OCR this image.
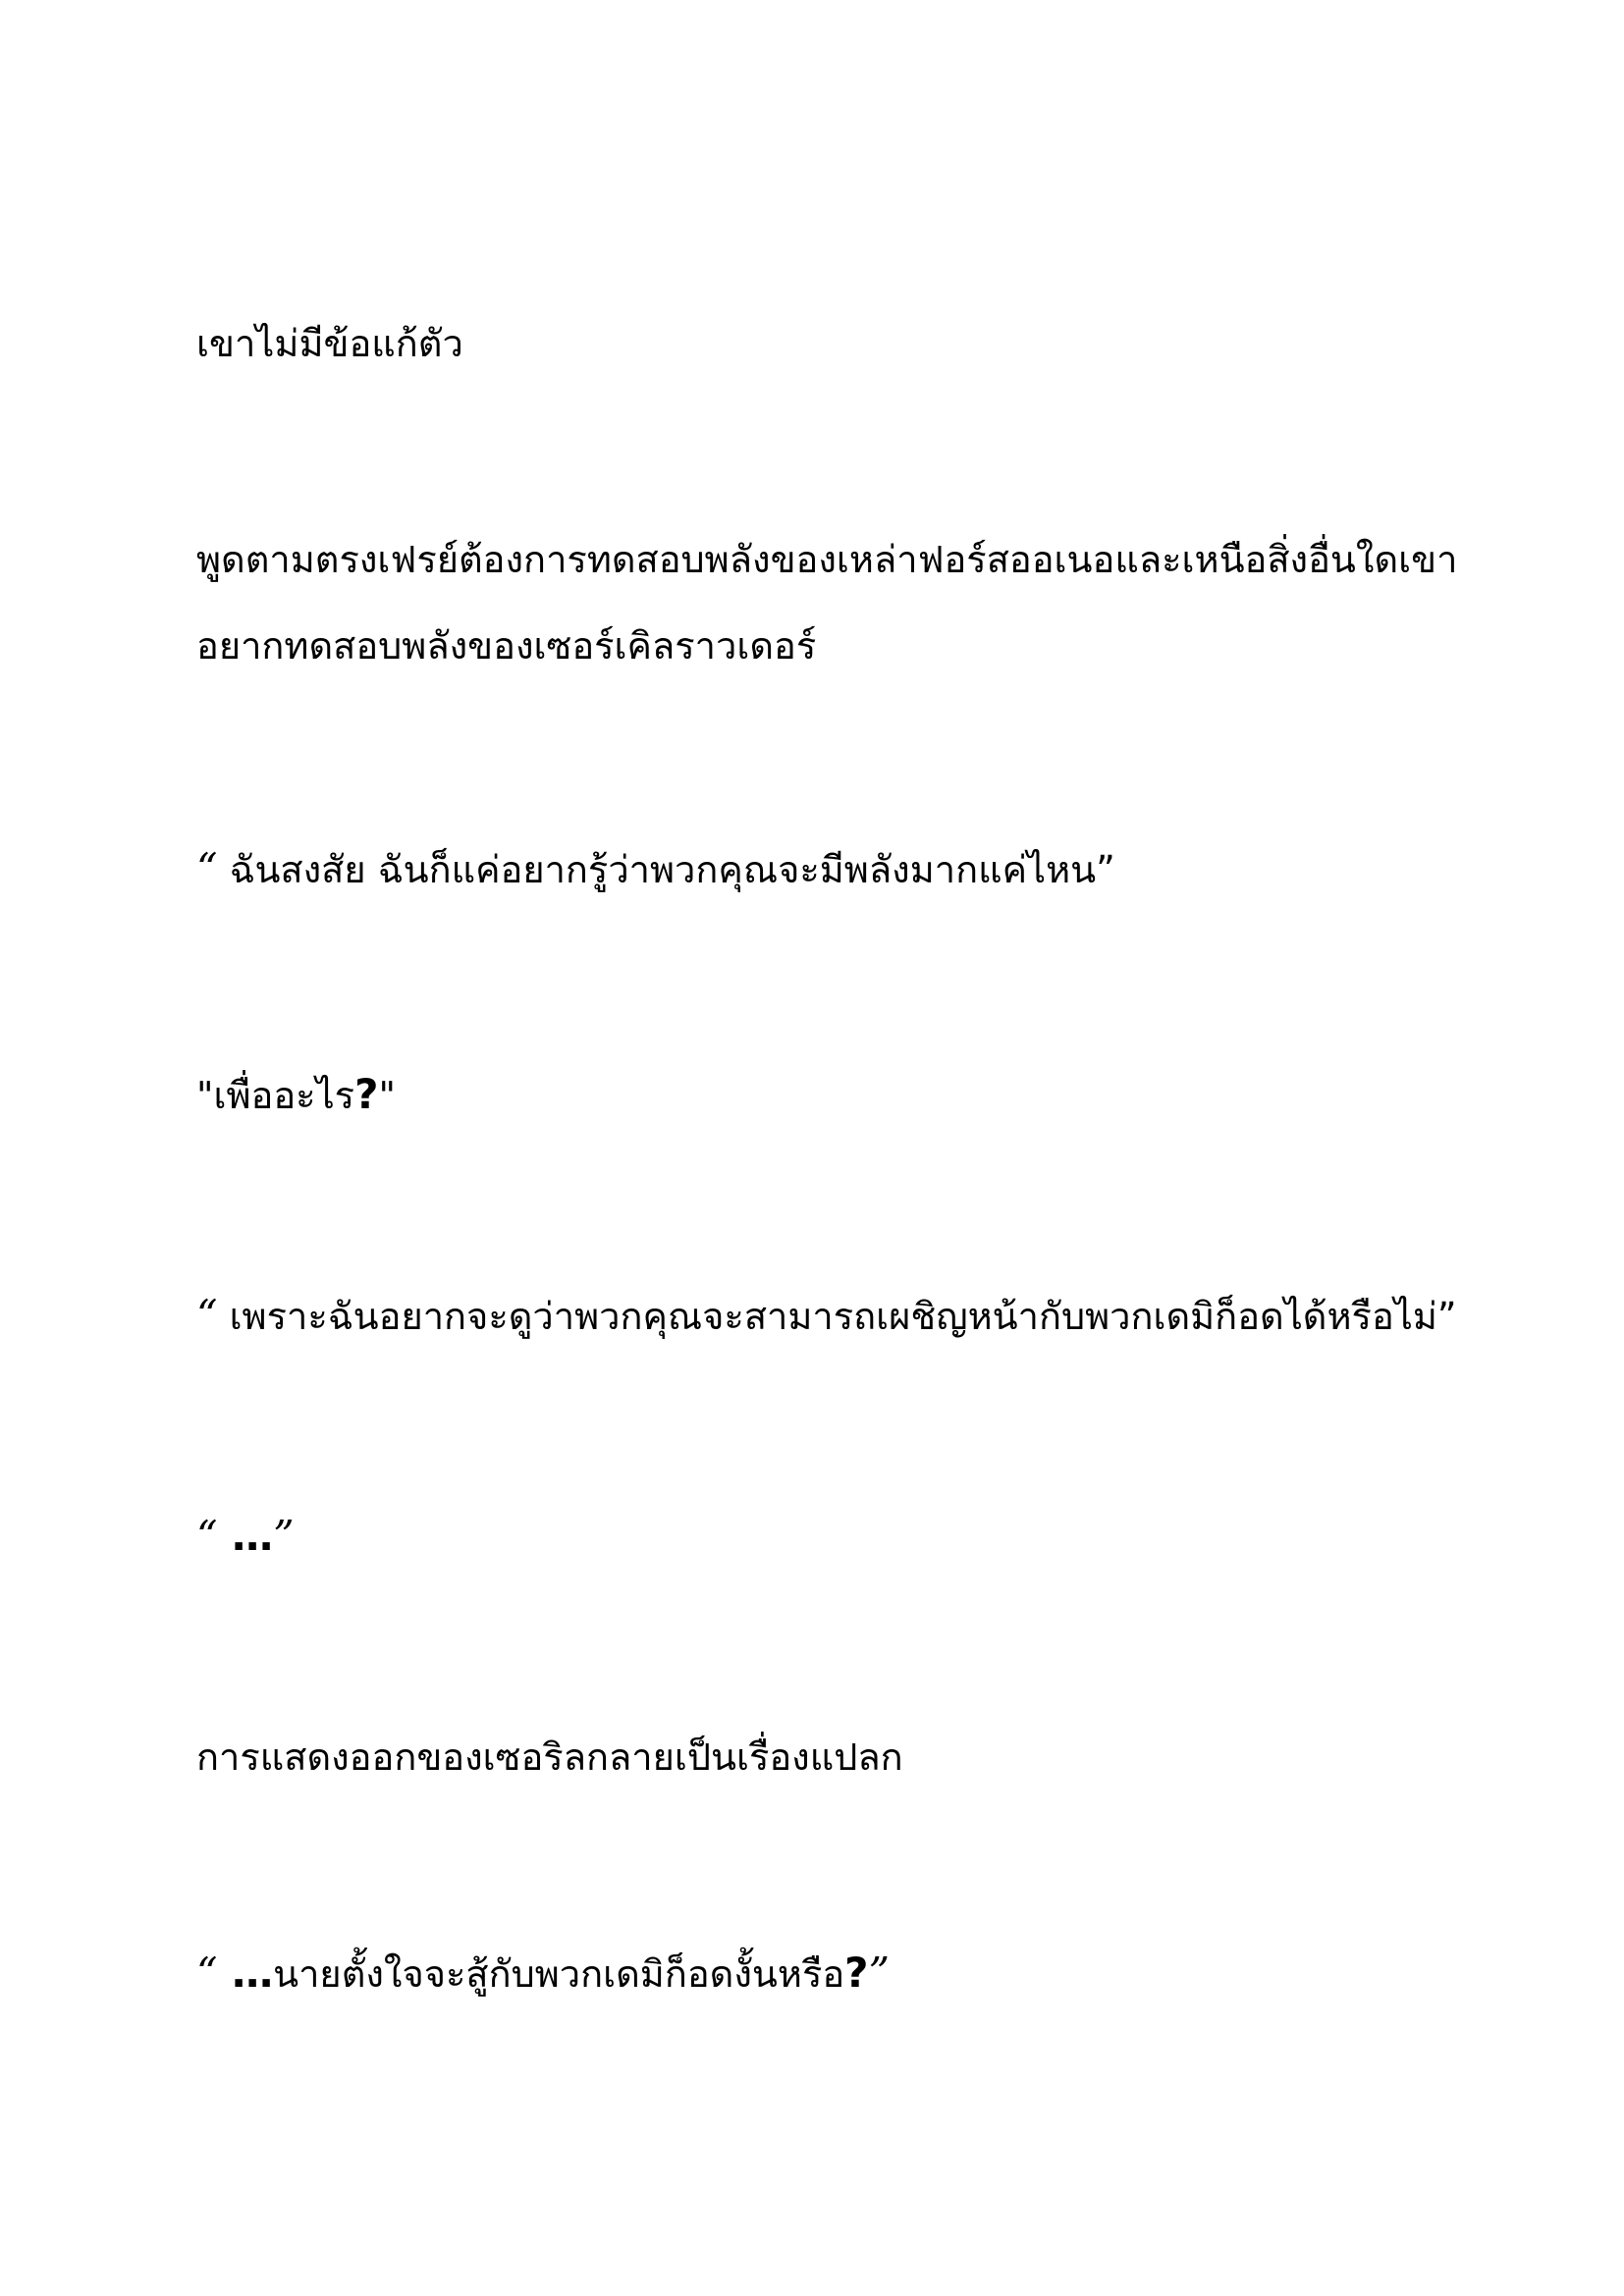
เขาไม่มีข้อแก้ตัว
พูดตามตรงเฟรย์ต้องการทดสอบพลังของเหล่าฟอร์สออเนอและเหนือสิ่งอื่นใดเขา
อยากทดสอบพลังของเซอร์เคิลราวเดอร์
“ ฉันสงสัย ฉันก็แค่อยากรู้ว่าพวกคุณจะมีพลังมากแค่ไหน”
"เพื่ออะไร?"
“ เพราะฉันอยากจะดูว่าพวกคุณจะสามารถเผชิญหน้ากับพวกเดมิก็อดได้หรือไม่”
“ …”
การแสดงออกของเซอริลกลายเป็นเรื่องแปลก
“ …นายตั้งใจจะสู้กับพวกเดมิก็อดงั้นหรือ?”
